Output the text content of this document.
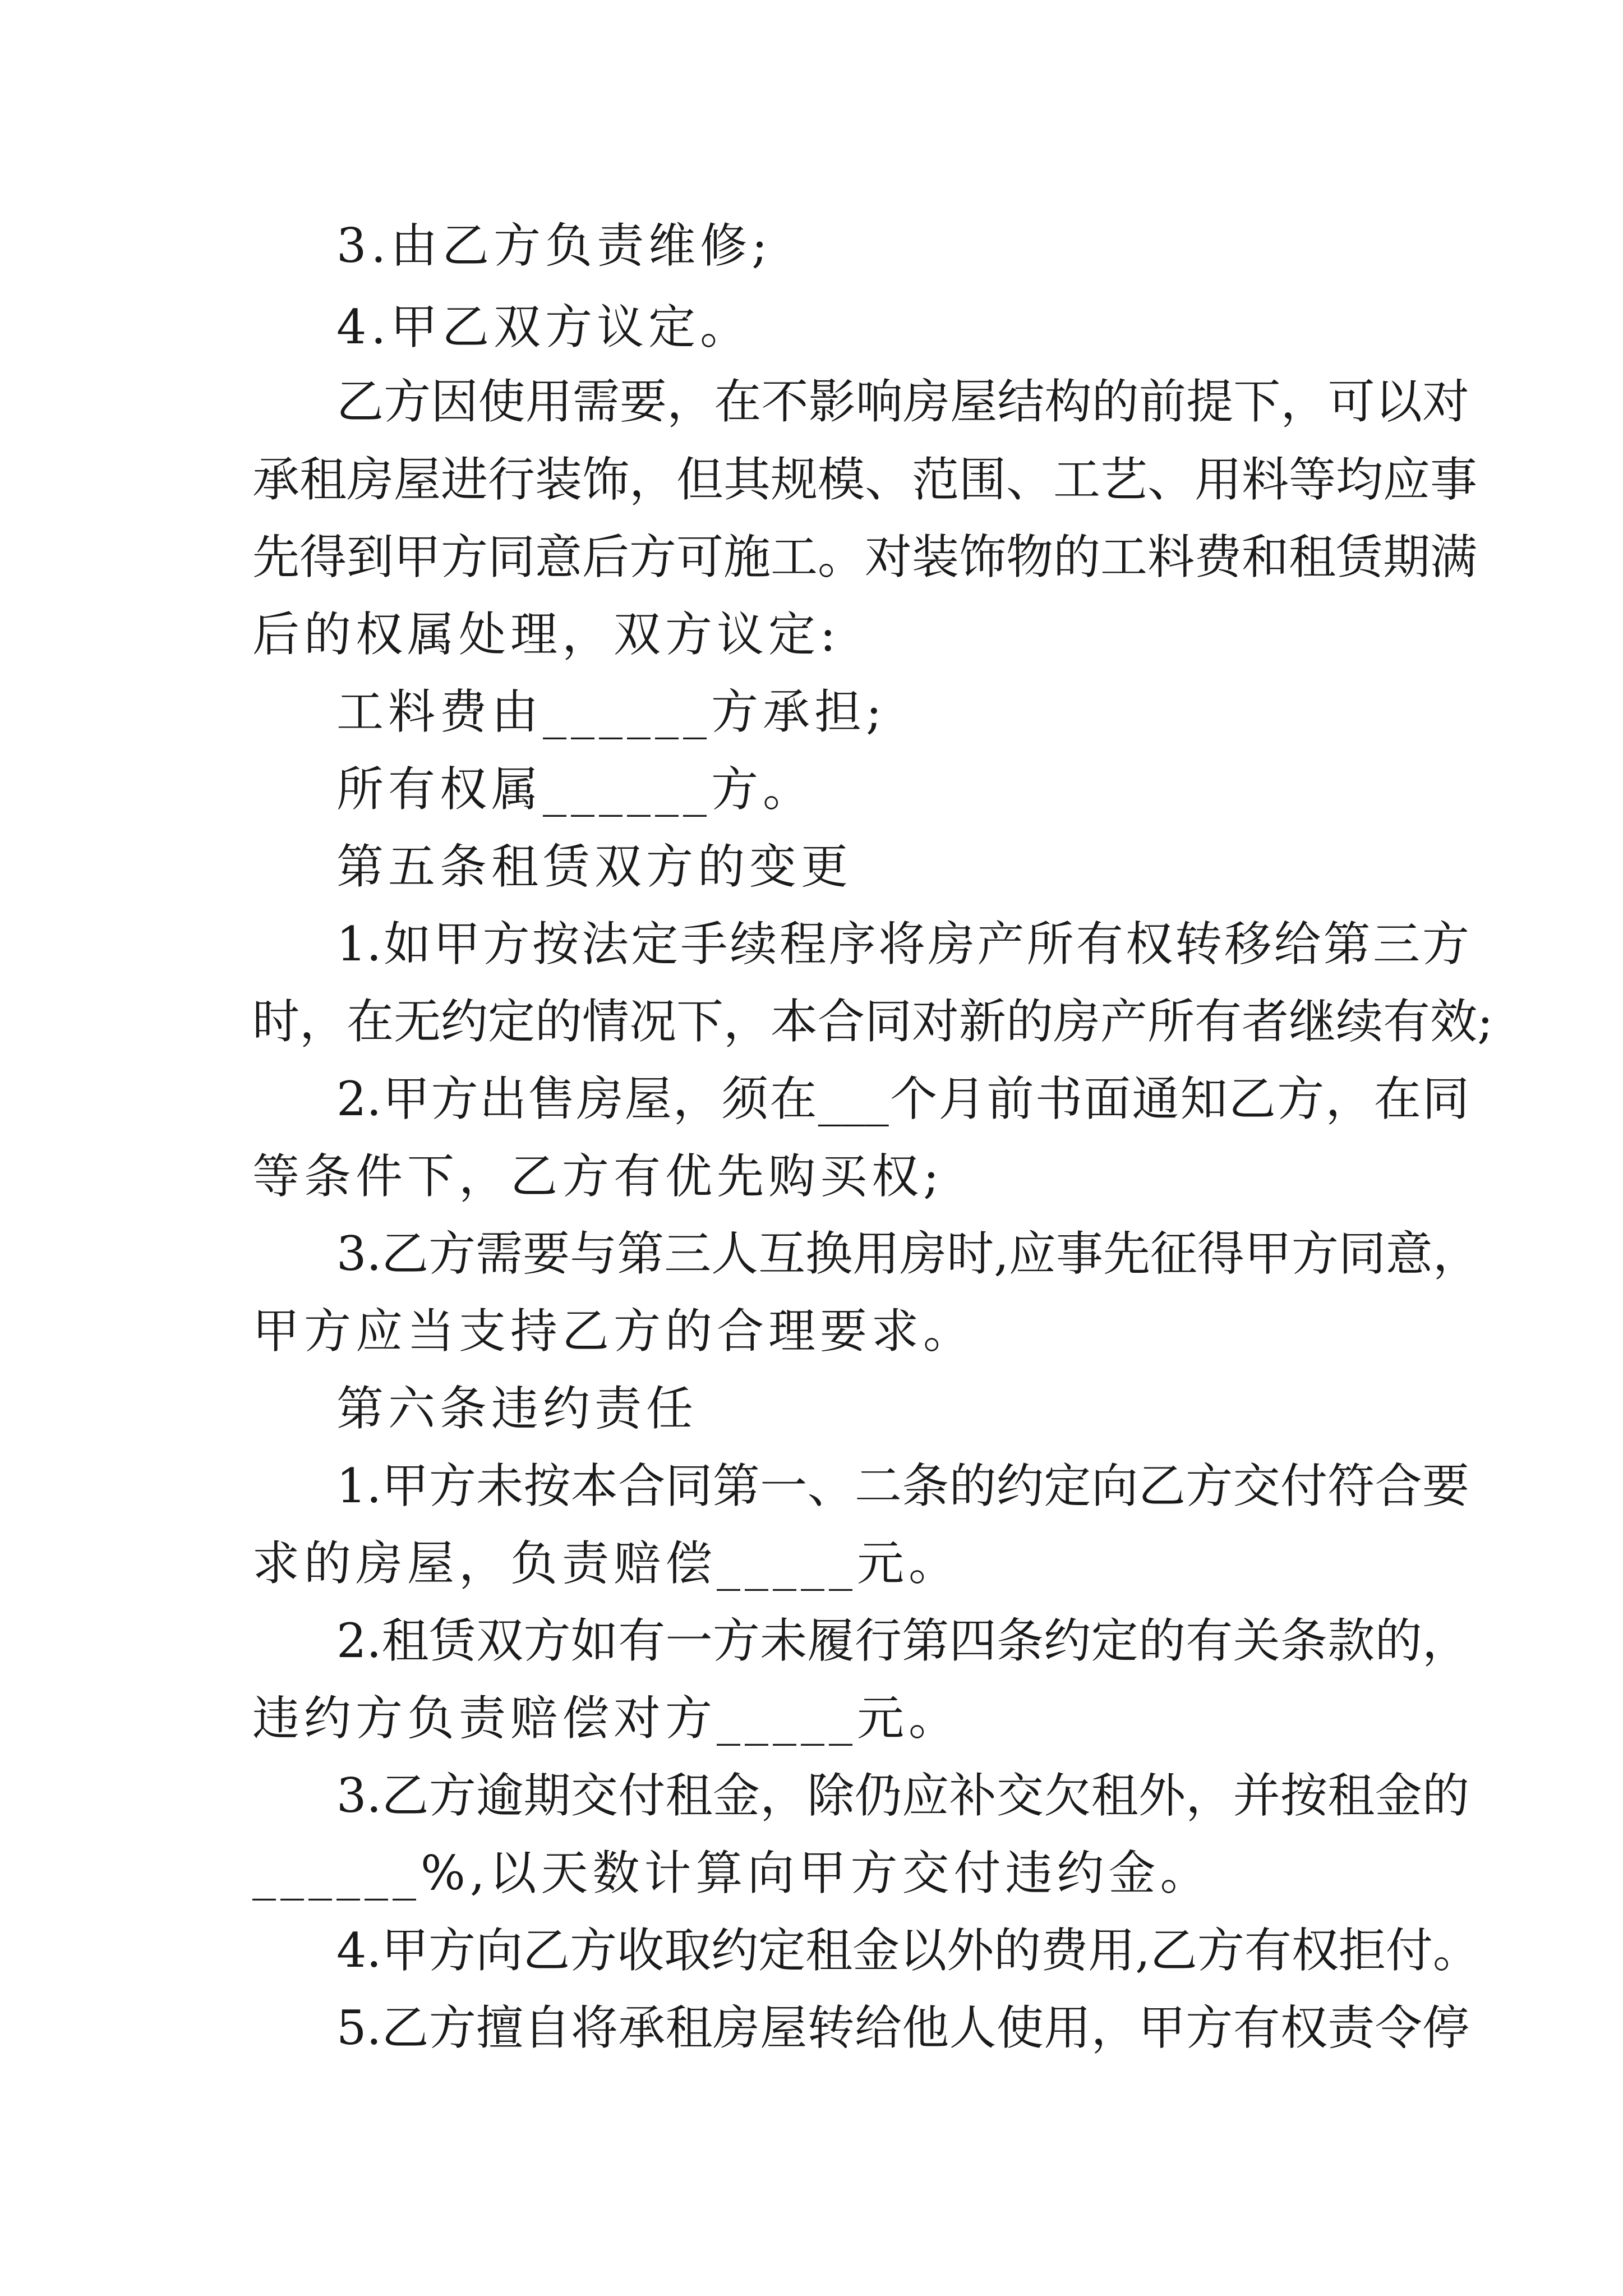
3.由乙方负责维修;
4.甲乙双方议定。
乙方因使用需要，在不影响房屋结构的前提下，可以对
承租房屋进行装饰，但其规模、范围、工艺、用料等均应事
先得到甲方同意后方可施工。对装饰物的工料费和租赁期满
后的权属处理，双方议定:
工料费由______方承担;
所有权属______方。
第五条租赁双方的变更
1.如甲方按法定手续程序将房产所有权转移给第三方
时，在无约定的情况下，本合同对新的房产所有者继续有效;
2.甲方出售房屋，须在___个月前书面通知乙方，在同
等条件下，乙方有优先购买权;
3.乙方需要与第三人互换用房时,应事先征得甲方同意，
甲方应当支持乙方的合理要求。
第六条违约责任
1.甲方未按本合同第一、二条的约定向乙方交付符合要
求的房屋，负责赔偿_____元。
2.租赁双方如有一方未履行第四条约定的有关条款的，
违约方负责赔偿对方_____元。
3.乙方逾期交付租金，除仍应补交欠租外，并按租金的
______%,以天数计算向甲方交付违约金。
4.甲方向乙方收取约定租金以外的费用,乙方有权拒付。
5.乙方擅自将承租房屋转给他人使用，甲方有权责令停
